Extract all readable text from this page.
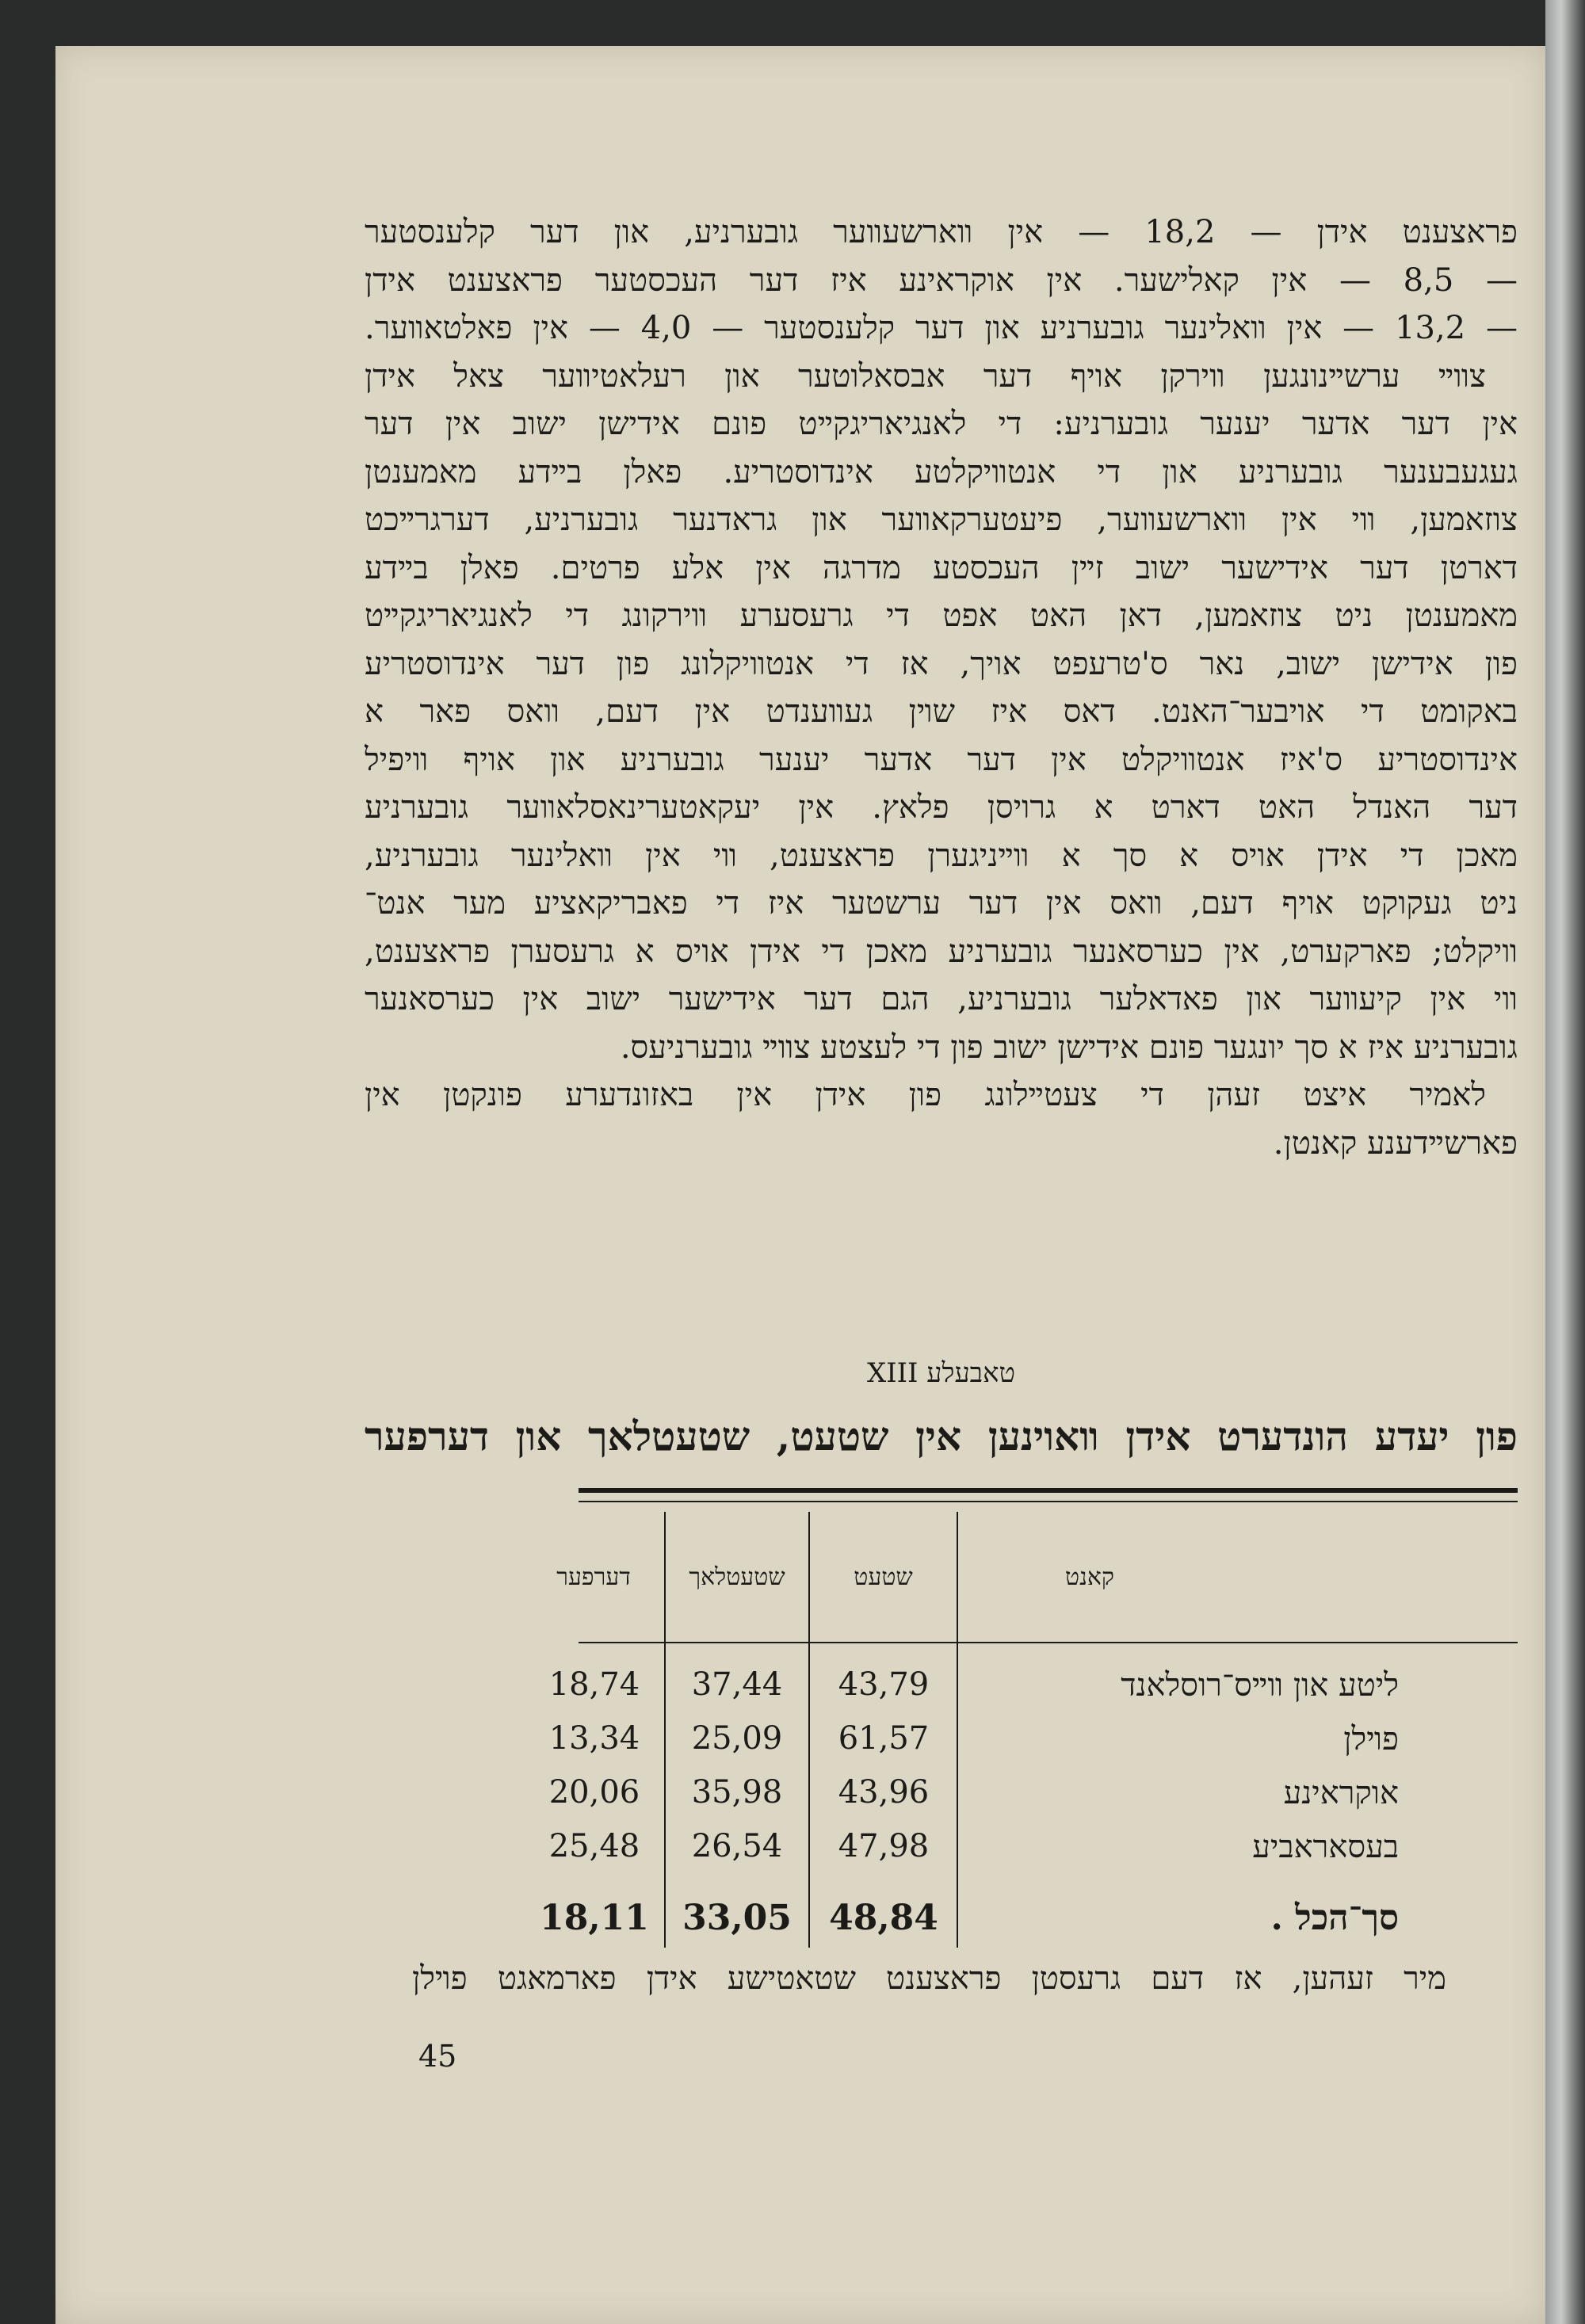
פראצענט אידן — 18,2 — אין װארשעװער גובערניע, און דער קלענסטער
— 8,5 — אין קאלישער. אין אוקראינע איז דער העכסטער פראצענט אידן
— 13,2 — אין װאלינער גובערניע און דער קלענסטער — 4,0 — אין פאלטאװער.
צװײ ערשײנונגען װירקן אויף דער אבסאלוטער און רעלאטיװער צאל אידן
אין דער אדער יענער גובערניע: די לאנגיאריגקײט פונם אידישן ישוב אין דער
געגעבענער גובערניע און די אנטװיקלטע אינדוסטריע. פאלן בײדע מאמענטן
צוזאמען, װי אין װארשעװער, פיעטערקאװער און גראדנער גובערניע, דערגרײכט
דארטן דער אידישער ישוב זײן העכסטע מדרגה אין אלע פרטים. פאלן בײדע
מאמענטן ניט צוזאמען, דאן האט אפט די גרעסערע װירקונג די לאנגיאריגקײט
פון אידישן ישוב, נאר ס'טרעפט אויך, אז די אנטװיקלונג פון דער אינדוסטריע
באקומט די אויבער־האנט. דאס איז שױן געװענדט אין דעם, װאס פאר א
אינדוסטריע ס'איז אנטװיקלט אין דער אדער יענער גובערניע און אויף װיפיל
דער האנדל האט דארט א גרויסן פלאץ. אין יעקאטערינאסלאװער גובערניע
מאכן די אידן אויס א סך א װײניגערן פראצענט, װי אין װאלינער גובערניע,
ניט געקוקט אויף דעם, װאס אין דער ערשטער איז די פאבריקאציע מער אנט־
װיקלט; פארקערט, אין כערסאנער גובערניע מאכן די אידן אויס א גרעסערן פראצענט,
װי אין קיעװער און פאדאלער גובערניע, הגם דער אידישער ישוב אין כערסאנער
גובערניע איז א סך יונגער פונם אידישן ישוב פון די לעצטע צװײ גובערניעס.
לאמיר איצט זעהן די צעטײלונג פון אידן אין באזונדערע פונקטן אין
פארשײדענע קאנטן.
טאבעלע XIII
פון יעדע הונדערט אידן װאוינען אין שטעט, שטעטלאך און דערפער
קאנט
שטעט
שטעטלאך
דערפער
ליטע און װײס־רוסלאנד
43,79
37,44
18,74
פױלן
61,57
25,09
13,34
אוקראינע
43,96
35,98
20,06
בעסאראביע
47,98
26,54
25,48
סך־הכל .
48,84
33,05
18,11
מיר זעהען, אז דעם גרעסטן פראצענט שטאטישע אידן פארמאגט פױלן
45
